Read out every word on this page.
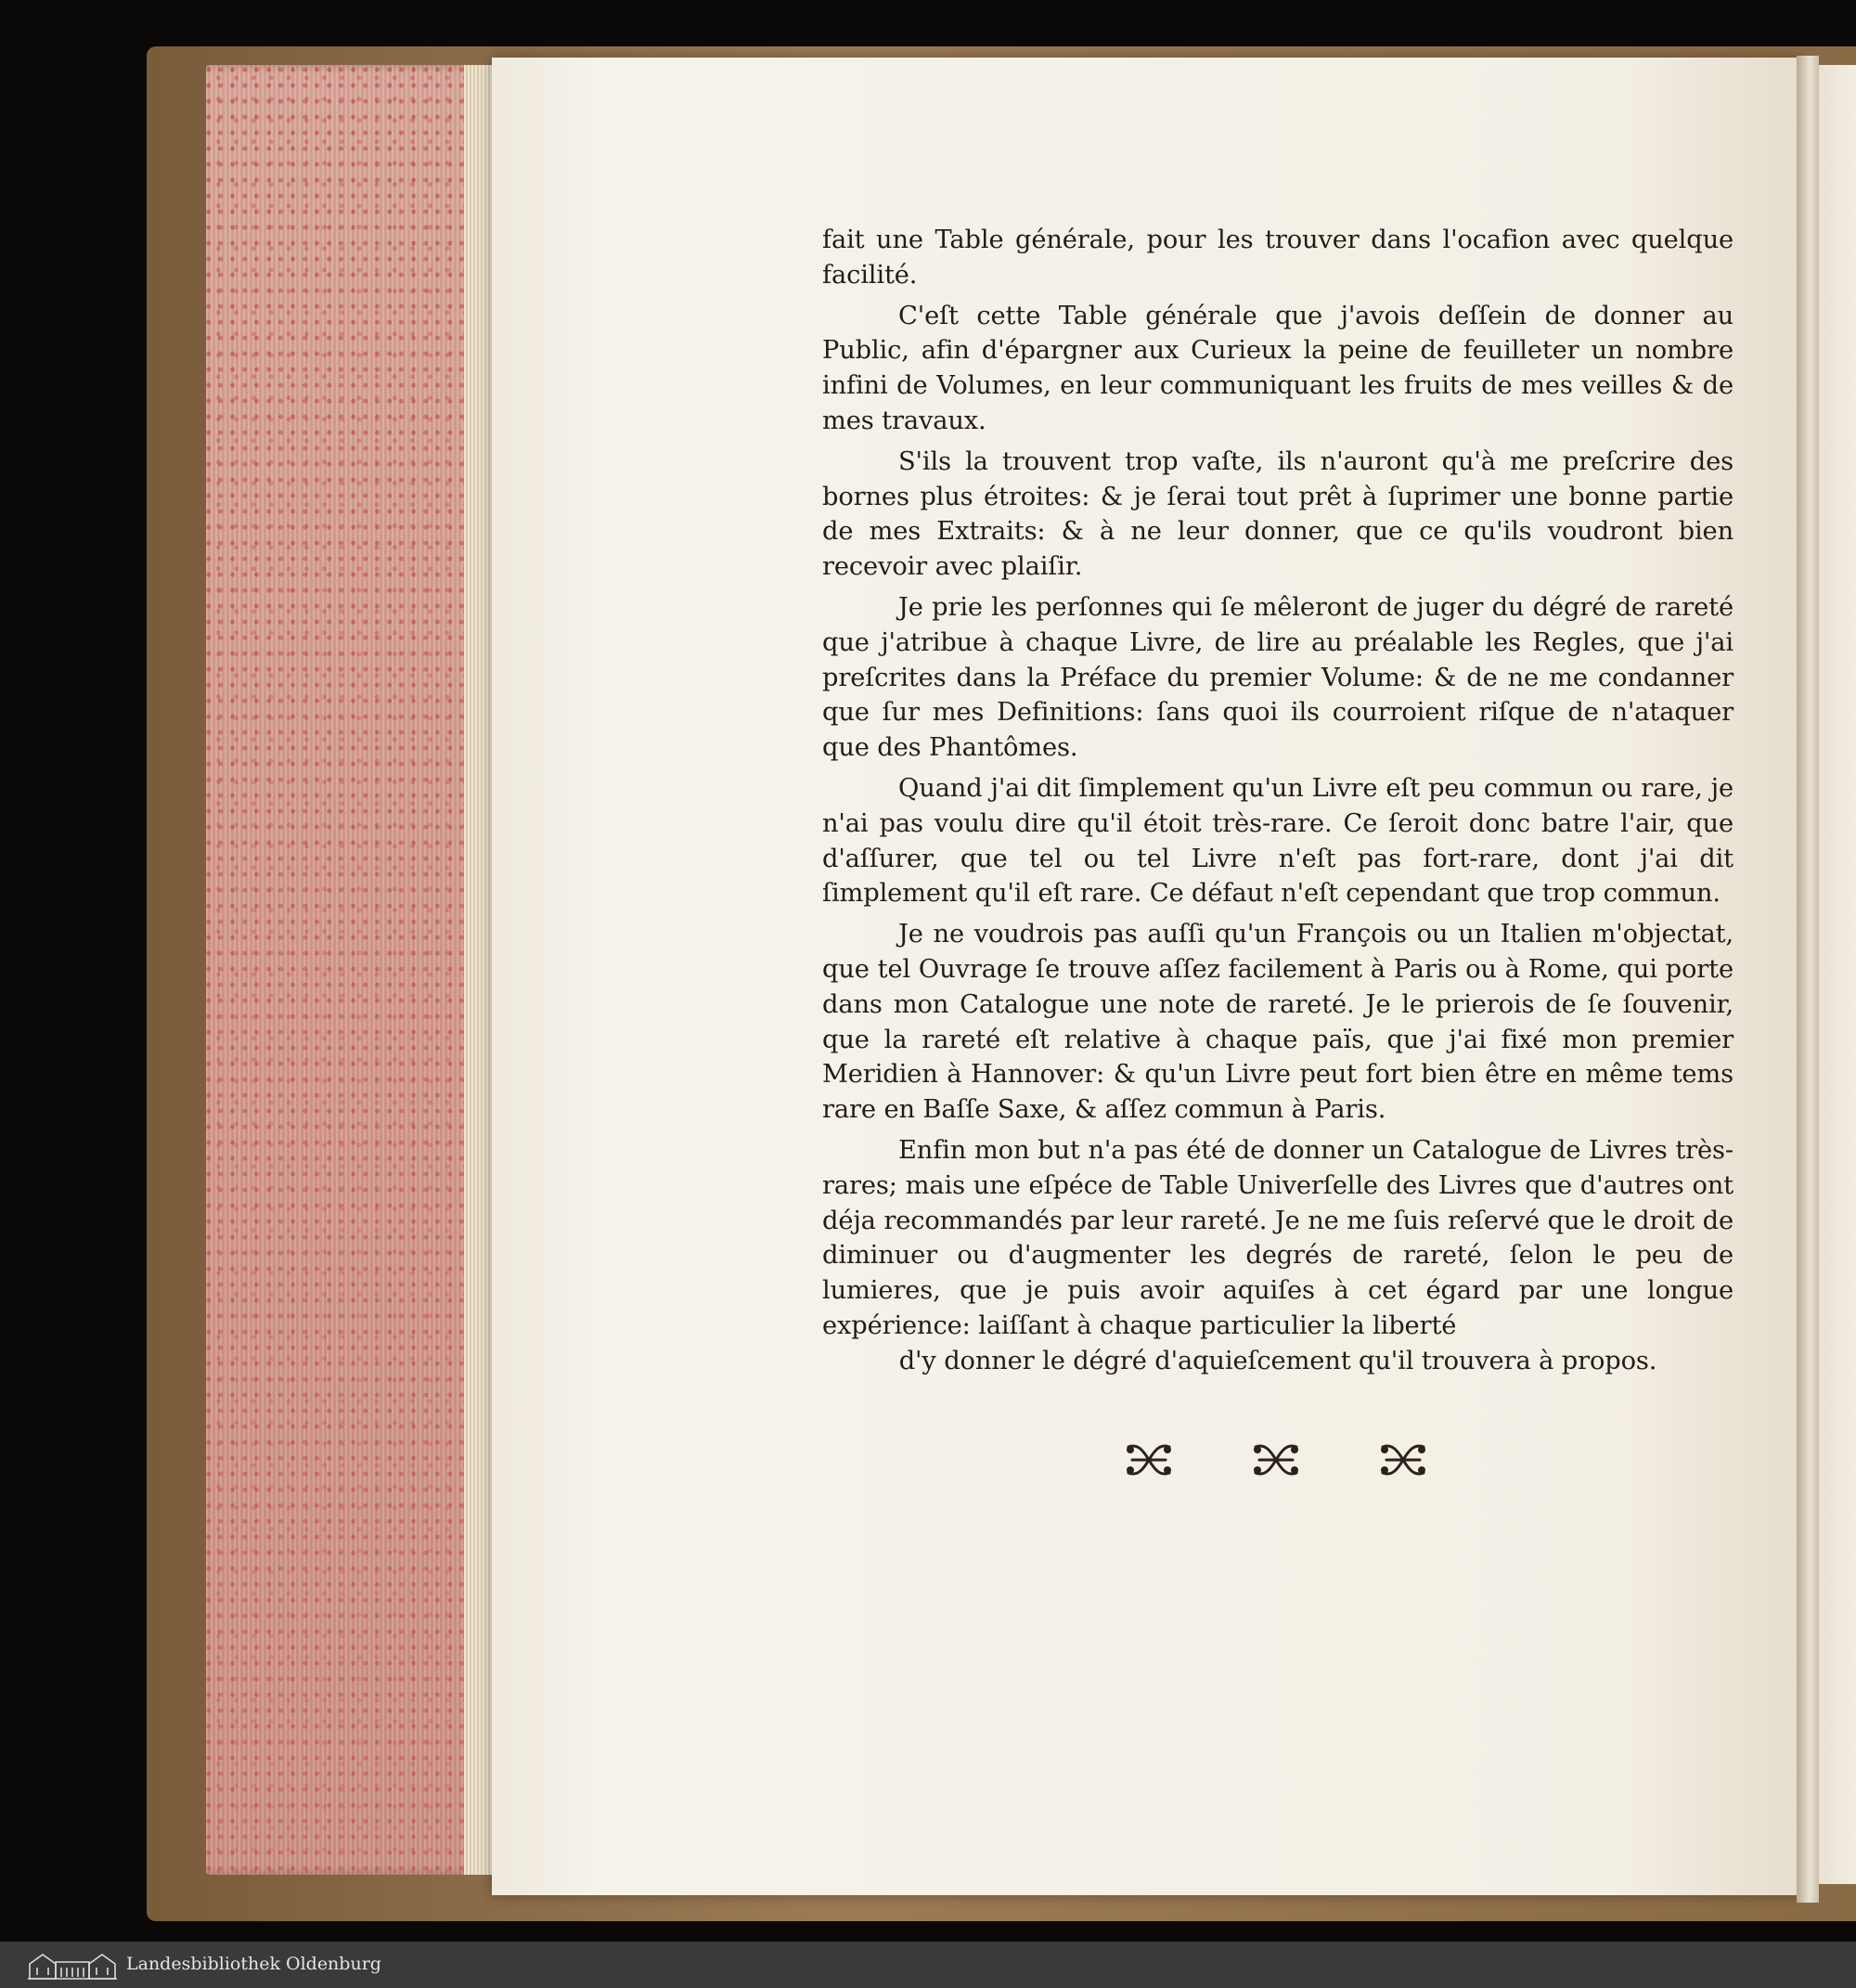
fait une Table générale, pour les trouver dans l'ocafion avec quelque facilité.

C'eſt cette Table générale que j'avois deſſein de donner au Public, afin d'épargner aux Curieux la peine de feuilleter un nombre infini de Volumes, en leur communiquant les fruits de mes veilles & de mes travaux.

S'ils la trouvent trop vaſte, ils n'auront qu'à me preſcrire des bornes plus étroites: & je ſerai tout prêt à ſuprimer une bonne partie de mes Extraits: & à ne leur donner, que ce qu'ils voudront bien recevoir avec plaiſir.

Je prie les perſonnes qui ſe mêleront de juger du dégré de rareté que j'atribue à chaque Livre, de lire au préalable les Regles, que j'ai preſcrites dans la Préface du premier Volume: & de ne me condanner que ſur mes Definitions: ſans quoi ils courroient riſque de n'ataquer que des Phantômes.

Quand j'ai dit ſimplement qu'un Livre eſt peu commun ou rare, je n'ai pas voulu dire qu'il étoit très-rare. Ce ſeroit donc batre l'air, que d'aſſurer, que tel ou tel Livre n'eſt pas fort-rare, dont j'ai dit ſimplement qu'il eſt rare. Ce défaut n'eſt cependant que trop commun.

Je ne voudrois pas auſſi qu'un François ou un Italien m'objectat, que tel Ouvrage ſe trouve aſſez facilement à Paris ou à Rome, qui porte dans mon Catalogue une note de rareté. Je le prierois de ſe ſouvenir, que la rareté eſt relative à chaque païs, que j'ai fixé mon premier Meridien à Hannover: & qu'un Livre peut fort bien être en même tems rare en Baſſe Saxe, & aſſez commun à Paris.

Enfin mon but n'a pas été de donner un Catalogue de Livres très-rares; mais une eſpéce de Table Univerſelle des Livres que d'autres ont déja recommandés par leur rareté. Je ne me ſuis reſervé que le droit de diminuer ou d'augmenter les degrés de rareté, ſelon le peu de lumieres, que je puis avoir aquiſes à cet égard par une longue expérience: laiſſant à chaque particulier la liberté

d'y donner le dégré d'aquieſcement qu'il trouvera à propos.

Landesbibliothek Oldenburg
